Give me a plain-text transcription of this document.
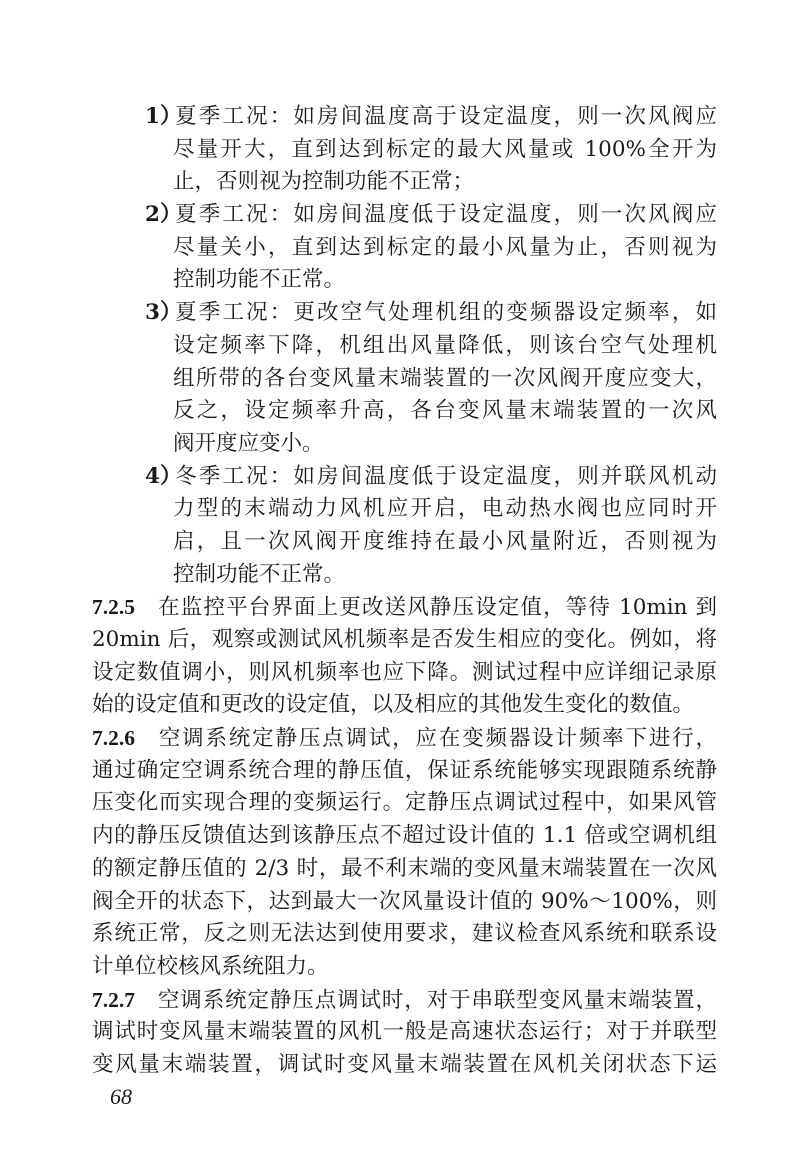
1）夏季工况：如房间温度高于设定温度，则一次风阀应
尽量开大，直到达到标定的最大风量或 100%全开为
止，否则视为控制功能不正常；
2）夏季工况：如房间温度低于设定温度，则一次风阀应
尽量关小，直到达到标定的最小风量为止，否则视为
控制功能不正常。
3）夏季工况：更改空气处理机组的变频器设定频率，如
设定频率下降，机组出风量降低，则该台空气处理机
组所带的各台变风量末端装置的一次风阀开度应变大，
反之，设定频率升高，各台变风量末端装置的一次风
阀开度应变小。
4）冬季工况：如房间温度低于设定温度，则并联风机动
力型的末端动力风机应开启，电动热水阀也应同时开
启，且一次风阀开度维持在最小风量附近，否则视为
控制功能不正常。
7.2.5 在监控平台界面上更改送风静压设定值，等待 10min 到
20min 后，观察或测试风机频率是否发生相应的变化。例如，将
设定数值调小，则风机频率也应下降。测试过程中应详细记录原
始的设定值和更改的设定值，以及相应的其他发生变化的数值。
7.2.6 空调系统定静压点调试，应在变频器设计频率下进行，
通过确定空调系统合理的静压值，保证系统能够实现跟随系统静
压变化而实现合理的变频运行。定静压点调试过程中，如果风管
内的静压反馈值达到该静压点不超过设计值的 1.1 倍或空调机组
的额定静压值的 2/3 时，最不利末端的变风量末端装置在一次风
阀全开的状态下，达到最大一次风量设计值的 90%～100%，则
系统正常，反之则无法达到使用要求，建议检查风系统和联系设
计单位校核风系统阻力。
7.2.7 空调系统定静压点调试时，对于串联型变风量末端装置，
调试时变风量末端装置的风机一般是高速状态运行；对于并联型
变风量末端装置，调试时变风量末端装置在风机关闭状态下运
68
